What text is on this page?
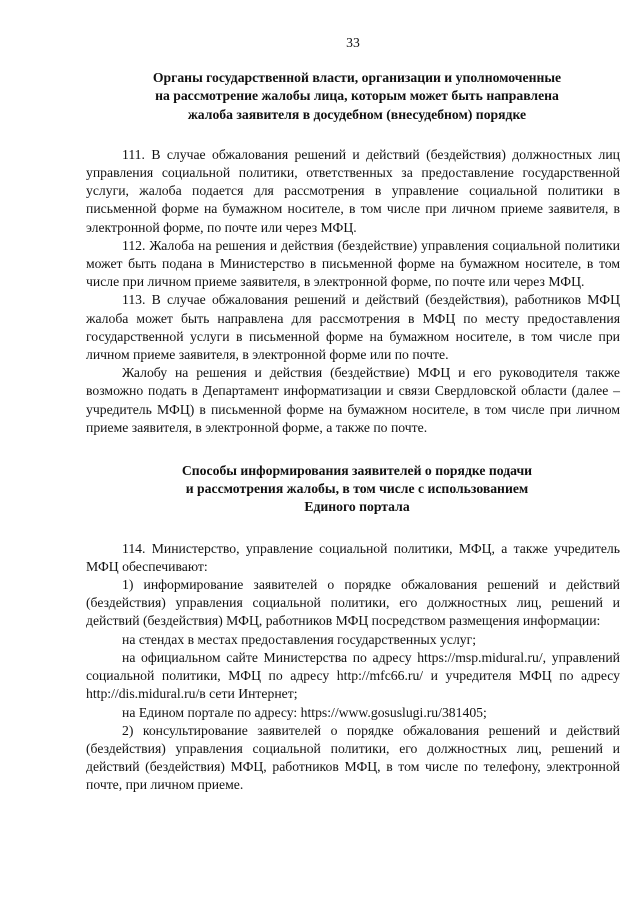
33
Органы государственной власти, организации и уполномоченные
на рассмотрение жалобы лица, которым может быть направлена
жалоба заявителя в досудебном (внесудебном) порядке

111. В случае обжалования решений и действий (бездействия) должностных лиц управления социальной политики, ответственных за предоставление государственной услуги, жалоба подается для рассмотрения в управление социальной политики в письменной форме на бумажном носителе, в том числе при личном приеме заявителя, в электронной форме, по почте или через МФЦ.

112. Жалоба на решения и действия (бездействие) управления социальной политики может быть подана в Министерство в письменной форме на бумажном носителе, в том числе при личном приеме заявителя, в электронной форме, по почте или через МФЦ.

113. В случае обжалования решений и действий (бездействия), работников МФЦ жалоба может быть направлена для рассмотрения в МФЦ по месту предоставления государственной услуги в письменной форме на бумажном носителе, в том числе при личном приеме заявителя, в электронной форме или по почте.

Жалобу на решения и действия (бездействие) МФЦ и его руководителя также возможно подать в Департамент информатизации и связи Свердловской области (далее – учредитель МФЦ) в письменной форме на бумажном носителе, в том числе при личном приеме заявителя, в электронной форме, а также по почте.

Способы информирования заявителей о порядке подачи
и рассмотрения жалобы, в том числе с использованием
Единого портала

114. Министерство, управление социальной политики, МФЦ, а также учредитель МФЦ обеспечивают:

1) информирование заявителей о порядке обжалования решений и действий (бездействия) управления социальной политики, его должностных лиц, решений и действий (бездействия) МФЦ, работников МФЦ посредством размещения информации:

на стендах в местах предоставления государственных услуг;

на официальном сайте Министерства по адресу https://msp.midural.ru/, управлений социальной политики, МФЦ по адресу http://mfc66.ru/ и учредителя МФЦ по адресу http://dis.midural.ru/в сети Интернет;

на Едином портале по адресу: https://www.gosuslugi.ru/381405;

2) консультирование заявителей о порядке обжалования решений и действий (бездействия) управления социальной политики, его должностных лиц, решений и действий (бездействия) МФЦ, работников МФЦ, в том числе по телефону, электронной почте, при личном приеме.
